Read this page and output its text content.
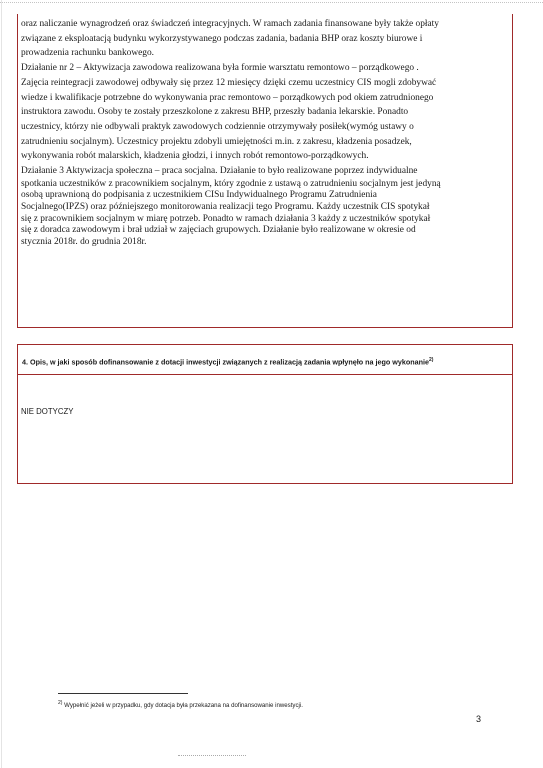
oraz naliczanie wynagrodzeń oraz świadczeń integracyjnych. W ramach zadania finansowane były także opłaty

związane z eksploatacją budynku wykorzystywanego podczas zadania, badania BHP oraz koszty biurowe i

prowadzenia rachunku bankowego.

Działanie nr 2 – Aktywizacja zawodowa realizowana była formie warsztatu remontowo – porządkowego .

Zajęcia reintegracji zawodowej odbywały się przez 12 miesięcy dzięki czemu uczestnicy CIS mogli zdobywać

wiedze i kwalifikacje potrzebne do wykonywania prac remontowo – porządkowych pod okiem zatrudnionego

instruktora zawodu. Osoby te zostały przeszkolone z zakresu BHP, przeszły badania lekarskie. Ponadto

uczestnicy, którzy nie odbywali praktyk zawodowych codziennie otrzymywały posiłek(wymóg ustawy o

zatrudnieniu socjalnym). Uczestnicy projektu zdobyli umiejętności m.in. z zakresu, kładzenia posadzek,

wykonywania robót malarskich, kładzenia głodzi, i innych robót remontowo-porządkowych.

Działanie 3 Aktywizacja społeczna – praca socjalna. Działanie to było realizowane poprzez indywidualne

spotkania uczestników z pracownikiem socjalnym, który zgodnie z ustawą o zatrudnieniu socjalnym jest jedyną

osobą uprawnioną do podpisania z uczestnikiem CISu Indywidualnego Programu Zatrudnienia

Socjalnego(IPZS) oraz późniejszego monitorowania realizacji tego Programu. Każdy uczestnik CIS spotykał

się z pracownikiem socjalnym w miarę potrzeb. Ponadto w ramach działania 3 każdy z uczestników spotykał

się z doradca zawodowym i brał udział w zajęciach grupowych. Działanie było realizowane w okresie od

stycznia 2018r. do grudnia 2018r.

4. Opis, w jaki sposób dofinansowanie z dotacji inwestycji związanych z realizacją zadania wpłynęło na jego wykonanie$^{2)}$
NIE DOTYCZY
$^{2)}$ Wypełnić jeżeli w przypadku, gdy dotacja była przekazana na dofinansowanie inwestycji.
3
